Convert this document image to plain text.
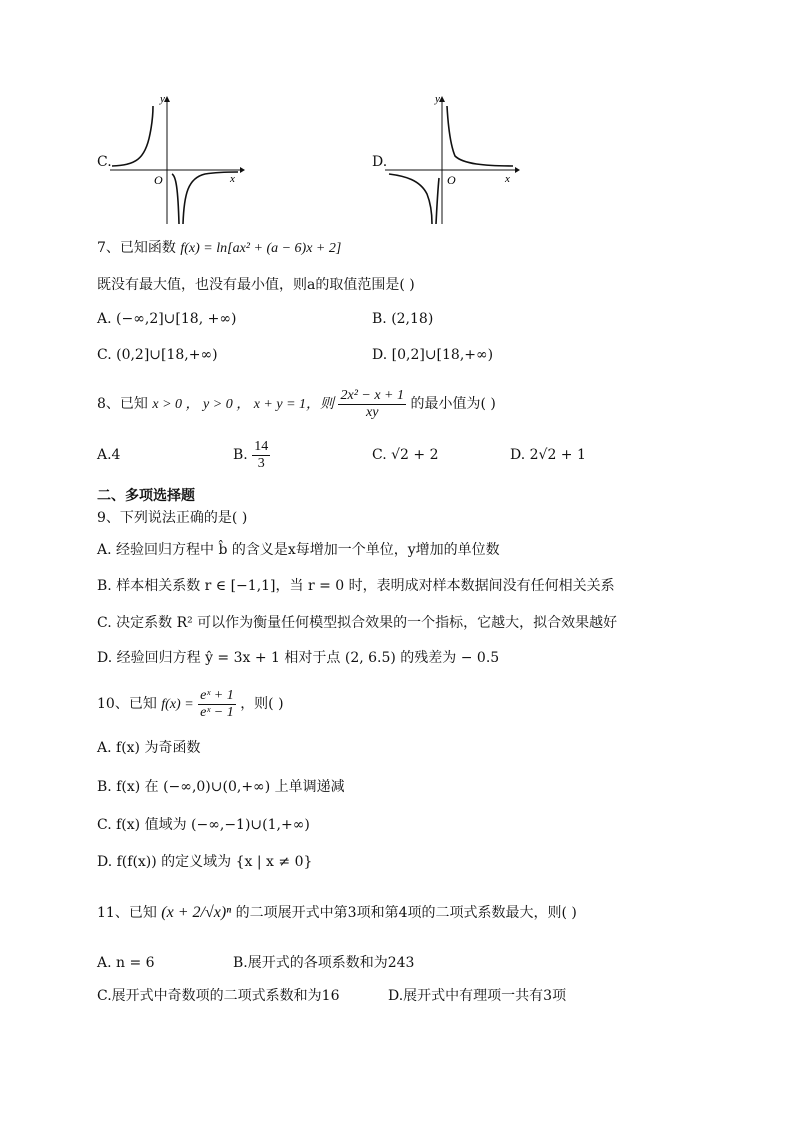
C.
y
x
O
D.
y
x
O
7、已知函数 f(x) = ln[ax² + (a − 6)x + 2]
既没有最大值，也没有最小值，则a的取值范围是( )
A. (−∞,2]∪[18, +∞)	B. (2,18)
C. (0,2]∪[18,+∞)	D. [0,2]∪[18,+∞)
8、已知 x > 0 ， y > 0 ， x + y = 1，则 $\frac{\text{2x² − x + 1}}{xy}$ 的最小值为( )
A.4	B. $\frac{14}{3}$	C. √2 + 2	D. 2√2 + 1
二、多项选择题
9、下列说法正确的是( )
A. 经验回归方程中 b̂ 的含义是x每增加一个单位，y增加的单位数
B. 样本相关系数 r ∈ [−1,1]，当 r = 0 时，表明成对样本数据间没有任何相关关系
C. 决定系数 R² 可以作为衡量任何模型拟合效果的一个指标，它越大，拟合效果越好
D. 经验回归方程 ŷ = 3x + 1 相对于点 (2, 6.5) 的残差为 − 0.5
10、已知 $f(x) = \frac{\text{eˣ + 1}}{\text{eˣ − 1}}$ ，则( )
A. f(x) 为奇函数
B. f(x) 在 (−∞,0)∪(0,+∞) 上单调递减
C. f(x) 值域为 (−∞,−1)∪(1,+∞)
D. f(f(x)) 的定义域为 {x | x ≠ 0}
11、已知 (x + 2/√x)ⁿ 的二项展开式中第3项和第4项的二项式系数最大，则( )
A. n = 6	B.展开式的各项系数和为243
C.展开式中奇数项的二项式系数和为16	D.展开式中有理项一共有3项
